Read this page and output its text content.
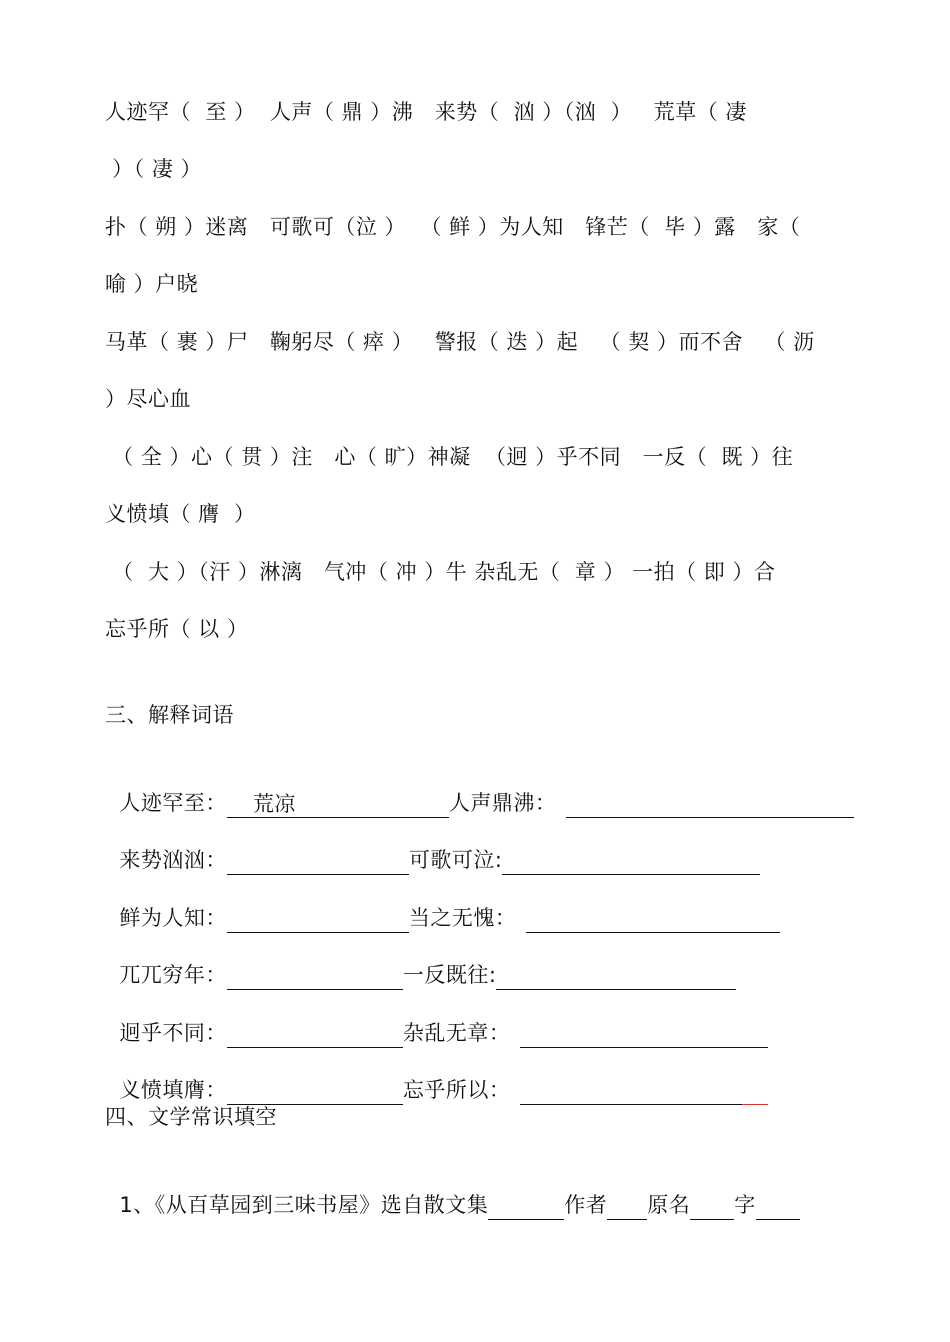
人迹罕（  至 ）  人声（ 鼎 ）沸   来势（  汹 ）（汹  ）   荒草（ 凄
）（ 凄 ）
扑（ 朔 ）迷离   可歌可（泣 ）  （ 鲜 ）为人知   锋芒（  毕 ）露   家（
喻 ）户晓
马革（ 裹 ）尸   鞠躬尽（ 瘁 ）   警报（ 迭 ）起   （ 契 ）而不舍   （ 沥
）尽心血
（ 全 ）心（ 贯 ）注   心（ 旷）神凝  （迥 ）乎不同   一反（  既 ）往
义愤填（ 膺  ）
（  大 ）（汗 ）淋漓   气冲（ 冲 ）牛 杂乱无（  章 ） 一拍（ 即 ）合
忘乎所（ 以 ）
三、解释词语

人迹罕至： 荒凉	人声鼎沸：

来势汹汹：	可歌可泣:

鲜为人知：	当之无愧：

兀兀穷年：	一反既往:

迥乎不同：	杂乱无章：

义愤填膺：	忘乎所以：

四、文学常识填空

1、《从百草园到三味书屋》选自散文集	作者 原名 字
